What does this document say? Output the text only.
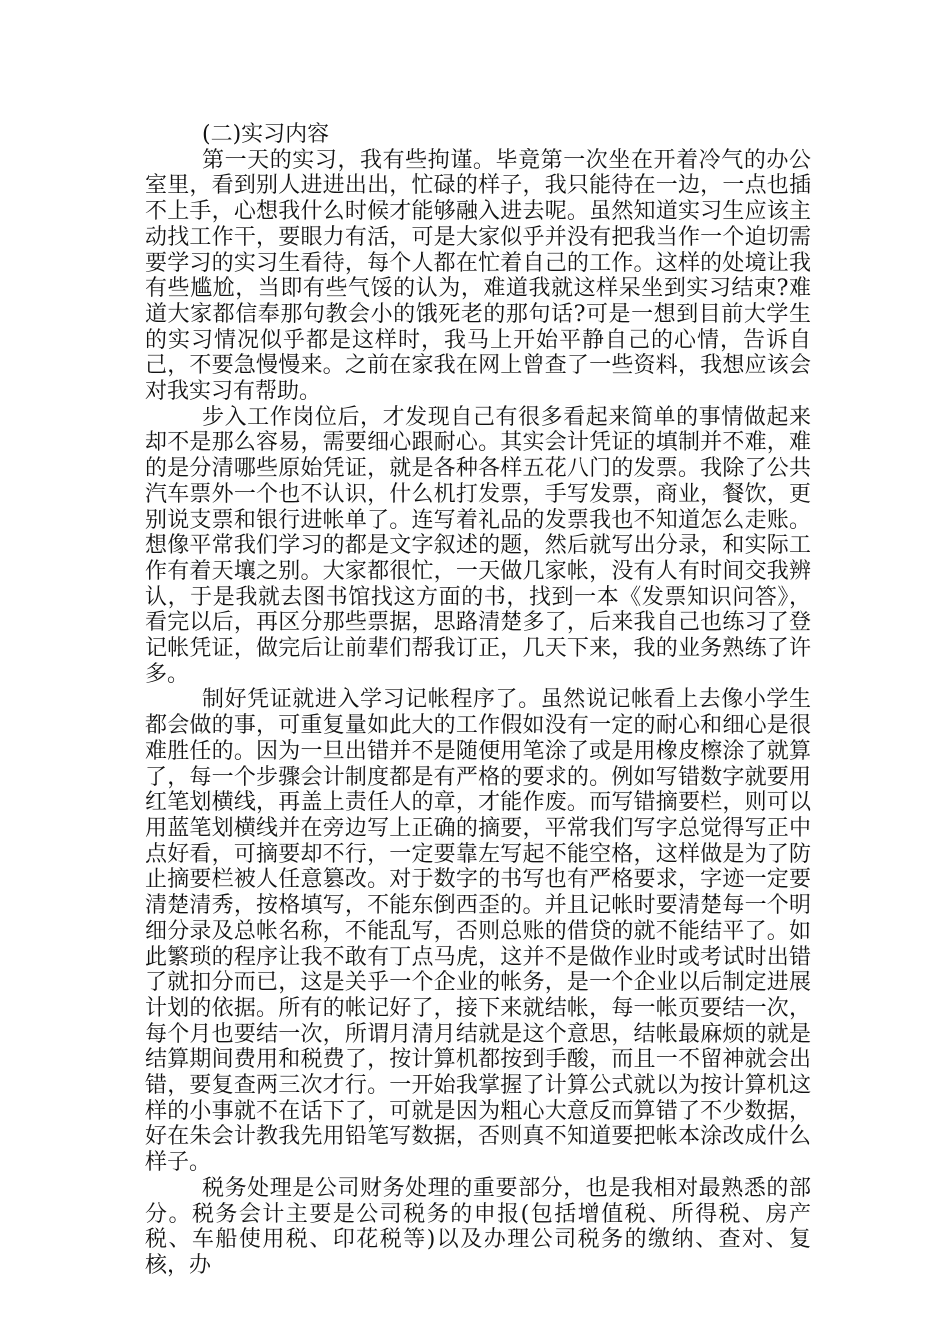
(二)实习内容

第一天的实习，我有些拘谨。毕竟第一次坐在开着冷气的办公室里，看到别人进进出出，忙碌的样子，我只能待在一边，一点也插不上手，心想我什么时候才能够融入进去呢。虽然知道实习生应该主动找工作干，要眼力有活，可是大家似乎并没有把我当作一个迫切需要学习的实习生看待，每个人都在忙着自己的工作。这样的处境让我有些尴尬，当即有些气馁的认为，难道我就这样呆坐到实习结束?难道大家都信奉那句教会小的饿死老的那句话?可是一想到目前大学生的实习情况似乎都是这样时，我马上开始平静自己的心情，告诉自己，不要急慢慢来。之前在家我在网上曾查了一些资料，我想应该会对我实习有帮助。

步入工作岗位后，才发现自己有很多看起来简单的事情做起来却不是那么容易，需要细心跟耐心。其实会计凭证的填制并不难，难的是分清哪些原始凭证，就是各种各样五花八门的发票。我除了公共汽车票外一个也不认识，什么机打发票，手写发票，商业，餐饮，更别说支票和银行进帐单了。连写着礼品的发票我也不知道怎么走账。想像平常我们学习的都是文字叙述的题，然后就写出分录，和实际工作有着天壤之别。大家都很忙，一天做几家帐，没有人有时间交我辨认，于是我就去图书馆找这方面的书，找到一本《发票知识问答》，看完以后，再区分那些票据，思路清楚多了，后来我自己也练习了登记帐凭证，做完后让前辈们帮我订正，几天下来，我的业务熟练了许多。

制好凭证就进入学习记帐程序了。虽然说记帐看上去像小学生都会做的事，可重复量如此大的工作假如没有一定的耐心和细心是很难胜任的。因为一旦出错并不是随便用笔涂了或是用橡皮檫涂了就算了，每一个步骤会计制度都是有严格的要求的。例如写错数字就要用红笔划横线，再盖上责任人的章，才能作废。而写错摘要栏，则可以用蓝笔划横线并在旁边写上正确的摘要，平常我们写字总觉得写正中点好看，可摘要却不行，一定要靠左写起不能空格，这样做是为了防止摘要栏被人任意篡改。对于数字的书写也有严格要求，字迹一定要清楚清秀，按格填写，不能东倒西歪的。并且记帐时要清楚每一个明细分录及总帐名称，不能乱写，否则总账的借贷的就不能结平了。如此繁琐的程序让我不敢有丁点马虎，这并不是做作业时或考试时出错了就扣分而已，这是关乎一个企业的帐务，是一个企业以后制定进展计划的依据。所有的帐记好了，接下来就结帐，每一帐页要结一次，每个月也要结一次，所谓月清月结就是这个意思，结帐最麻烦的就是结算期间费用和税费了，按计算机都按到手酸，而且一不留神就会出错，要复查两三次才行。一开始我掌握了计算公式就以为按计算机这样的小事就不在话下了，可就是因为粗心大意反而算错了不少数据，好在朱会计教我先用铅笔写数据，否则真不知道要把帐本涂改成什么样子。

税务处理是公司财务处理的重要部分，也是我相对最熟悉的部分。税务会计主要是公司税务的申报(包括增值税、所得税、房产税、车船使用税、印花税等)以及办理公司税务的缴纳、查对、复核，办
